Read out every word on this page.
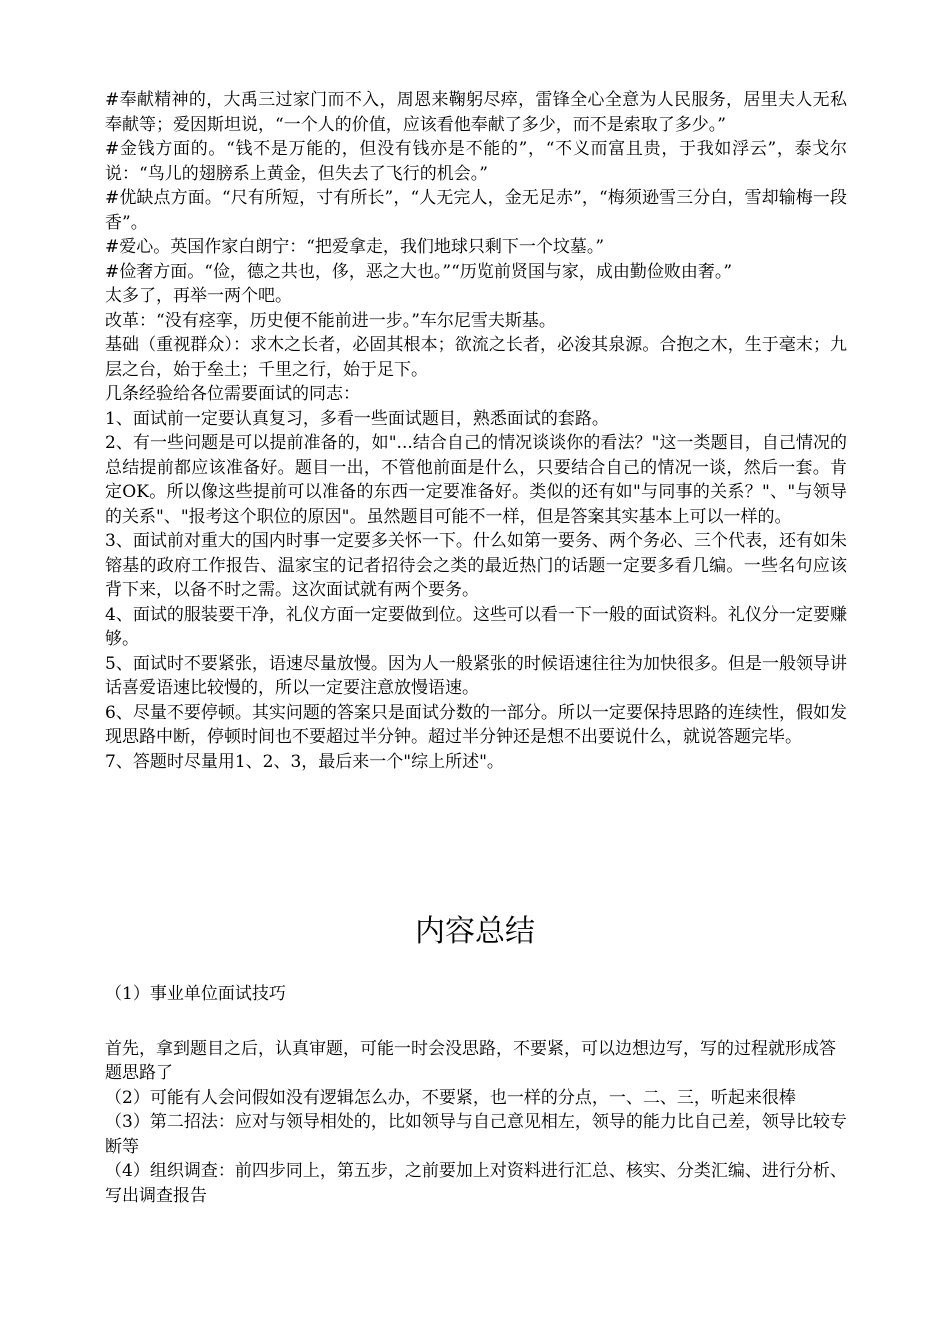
#奉献精神的，大禹三过家门而不入，周恩来鞠躬尽瘁，雷锋全心全意为人民服务，居里夫人无私奉献等；爱因斯坦说，“一个人的价值，应该看他奉献了多少，而不是索取了多少。”

#金钱方面的。“钱不是万能的，但没有钱亦是不能的”，“不义而富且贵，于我如浮云”，泰戈尔说：“鸟儿的翅膀系上黄金，但失去了飞行的机会。”

#优缺点方面。“尺有所短，寸有所长”，“人无完人，金无足赤”，“梅须逊雪三分白，雪却输梅一段香”。

#爱心。英国作家白朗宁：“把爱拿走，我们地球只剩下一个坟墓。”

#俭奢方面。“俭，德之共也，侈，恶之大也。”“历览前贤国与家，成由勤俭败由奢。”

太多了，再举一两个吧。

改革：“没有痉挛，历史便不能前进一步。”车尔尼雪夫斯基。

基础（重视群众）：求木之长者，必固其根本；欲流之长者，必浚其泉源。合抱之木，生于毫末；九层之台，始于垒土；千里之行，始于足下。

几条经验给各位需要面试的同志：

1、面试前一定要认真复习，多看一些面试题目，熟悉面试的套路。

2、有一些问题是可以提前准备的，如"...结合自己的情况谈谈你的看法？"这一类题目，自己情况的总结提前都应该准备好。题目一出，不管他前面是什么，只要结合自己的情况一谈，然后一套。肯定OK。所以像这些提前可以准备的东西一定要准备好。类似的还有如"与同事的关系？"、"与领导的关系"、"报考这个职位的原因"。虽然题目可能不一样，但是答案其实基本上可以一样的。

3、面试前对重大的国内时事一定要多关怀一下。什么如第一要务、两个务必、三个代表，还有如朱镕基的政府工作报告、温家宝的记者招待会之类的最近热门的话题一定要多看几编。一些名句应该背下来，以备不时之需。这次面试就有两个要务。

4、面试的服装要干净，礼仪方面一定要做到位。这些可以看一下一般的面试资料。礼仪分一定要赚够。

5、面试时不要紧张，语速尽量放慢。因为人一般紧张的时候语速往往为加快很多。但是一般领导讲话喜爱语速比较慢的，所以一定要注意放慢语速。

6、尽量不要停顿。其实问题的答案只是面试分数的一部分。所以一定要保持思路的连续性，假如发现思路中断，停顿时间也不要超过半分钟。超过半分钟还是想不出要说什么，就说答题完毕。

7、答题时尽量用1、2、3，最后来一个"综上所述"。

内容总结

（1）事业单位面试技巧

首先，拿到题目之后，认真审题，可能一时会没思路，不要紧，可以边想边写，写的过程就形成答题思路了

（2）可能有人会问假如没有逻辑怎么办，不要紧，也一样的分点，一、二、三，听起来很棒

（3）第二招法：应对与领导相处的，比如领导与自己意见相左，领导的能力比自己差，领导比较专断等

（4）组织调查：前四步同上，第五步，之前要加上对资料进行汇总、核实、分类汇编、进行分析、写出调查报告
